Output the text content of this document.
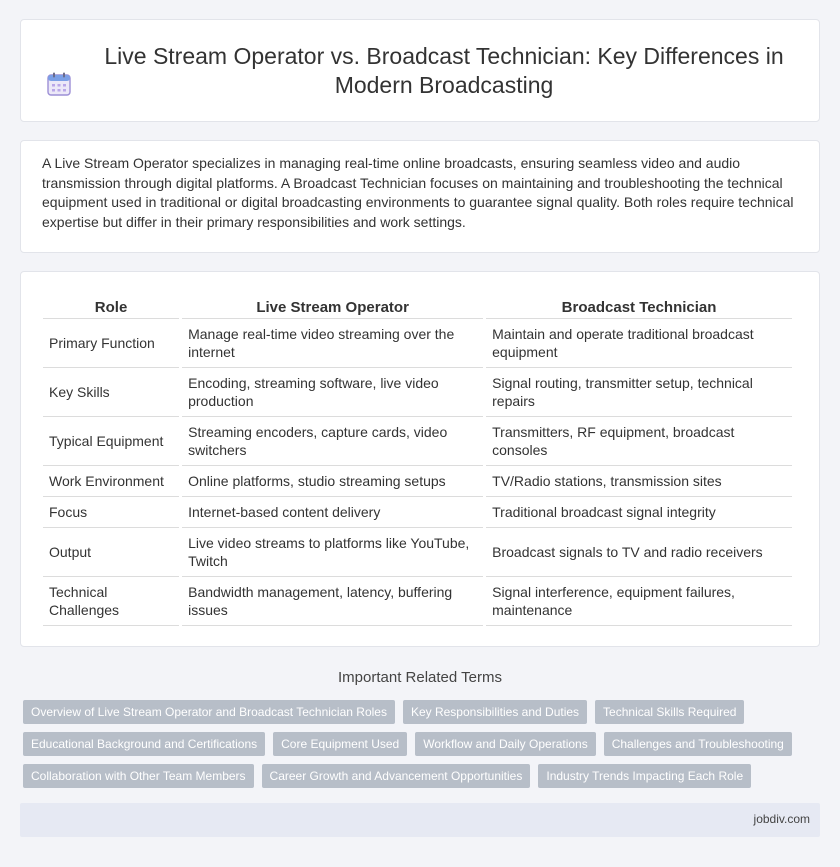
Live Stream Operator vs. Broadcast Technician: Key Differences in Modern Broadcasting

A Live Stream Operator specializes in managing real-time online broadcasts, ensuring seamless video and audio transmission through digital platforms. A Broadcast Technician focuses on maintaining and troubleshooting the technical equipment used in traditional or digital broadcasting environments to guarantee signal quality. Both roles require technical expertise but differ in their primary responsibilities and work settings.

Role	Live Stream Operator	Broadcast Technician
Primary Function	Manage real-time video streaming over the internet	Maintain and operate traditional broadcast equipment
Key Skills	Encoding, streaming software, live video production	Signal routing, transmitter setup, technical repairs
Typical Equipment	Streaming encoders, capture cards, video switchers	Transmitters, RF equipment, broadcast consoles
Work Environment	Online platforms, studio streaming setups	TV/Radio stations, transmission sites
Focus	Internet-based content delivery	Traditional broadcast signal integrity
Output	Live video streams to platforms like YouTube, Twitch	Broadcast signals to TV and radio receivers
Technical Challenges	Bandwidth management, latency, buffering issues	Signal interference, equipment failures, maintenance
Important Related Terms
Overview of Live Stream Operator and Broadcast Technician Roles	Key Responsibilities and Duties	Technical Skills Required
Educational Background and Certifications	Core Equipment Used	Workflow and Daily Operations	Challenges and Troubleshooting
Collaboration with Other Team Members	Career Growth and Advancement Opportunities	Industry Trends Impacting Each Role
jobdiv.com
